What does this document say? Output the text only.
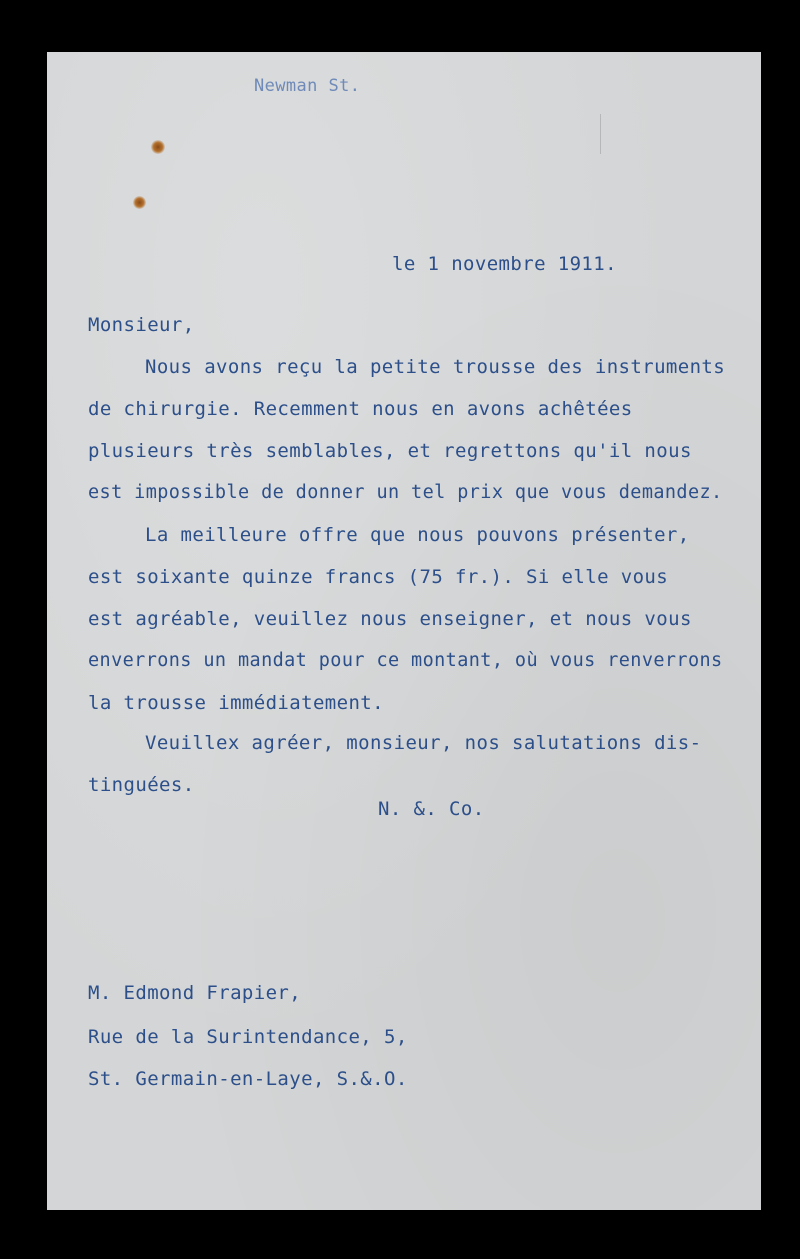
Newman St.
le 1 novembre 1911.
Monsieur,
Nous avons reçu la petite trousse des instruments
de chirurgie. Recemment nous en avons achêtées
plusieurs très semblables, et regrettons qu'il nous
est impossible de donner un tel prix que vous demandez.
La meilleure offre que nous pouvons présenter,
est soixante quinze francs (75 fr.). Si elle vous
est agréable, veuillez nous enseigner, et nous vous
enverrons un mandat pour ce montant, où vous renverrons
la trousse immédiatement.
Veuillex agréer, monsieur, nos salutations dis-
tinguées.
N. &. Co.
M. Edmond Frapier,
Rue de la Surintendance, 5,
St. Germain-en-Laye, S.&.O.
